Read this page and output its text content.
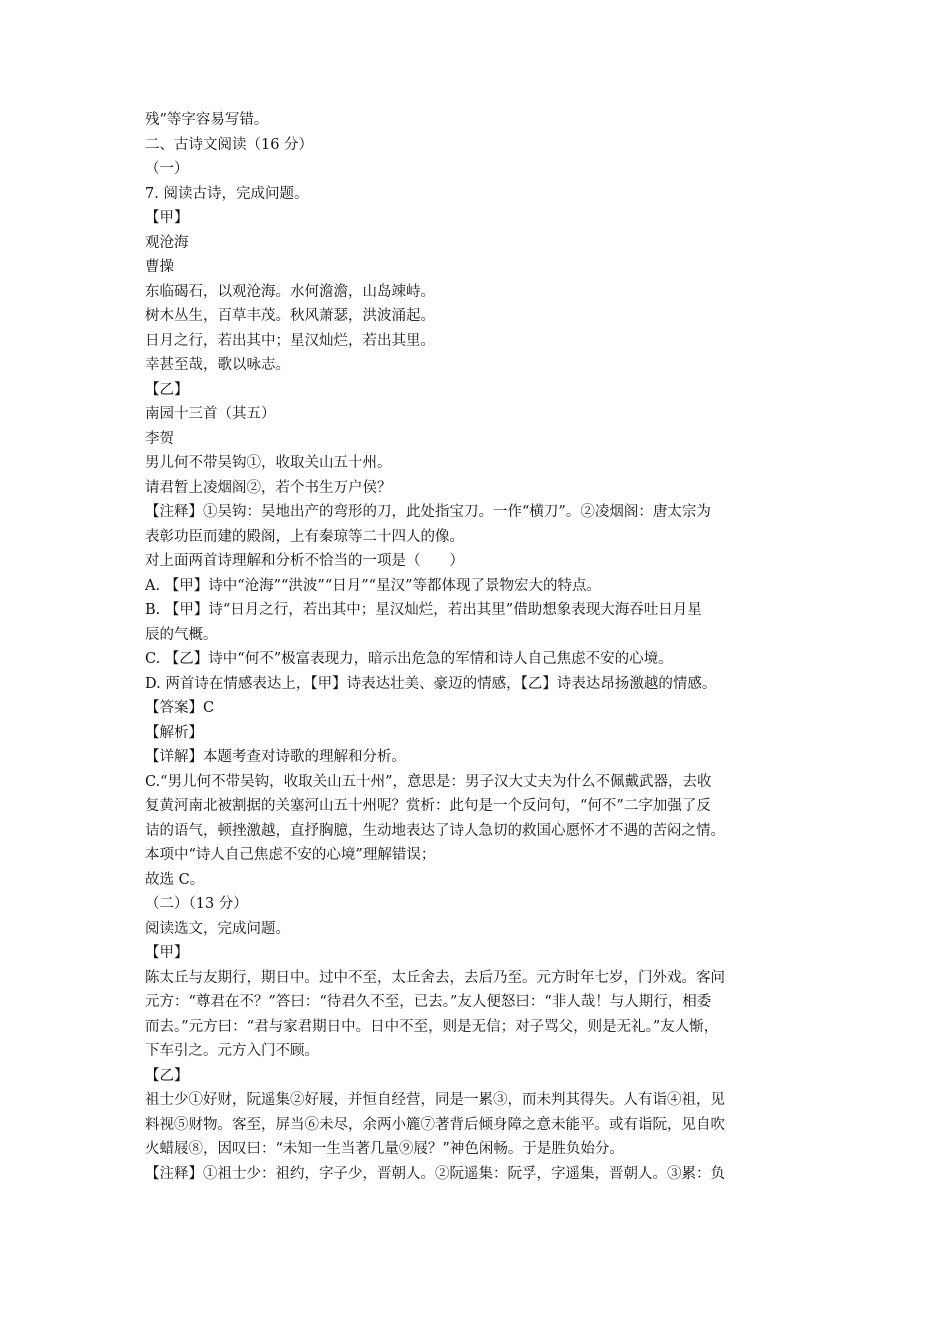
残”等字容易写错。
二、古诗文阅读（16 分）
（一）
7. 阅读古诗，完成问题。
【甲】
观沧海
曹操
东临碣石，以观沧海。水何澹澹，山岛竦峙。
树木丛生，百草丰茂。秋风萧瑟，洪波涌起。
日月之行，若出其中；星汉灿烂，若出其里。
幸甚至哉，歌以咏志。
【乙】
南园十三首（其五）
李贺
男儿何不带吴钩①，收取关山五十州。
请君暂上凌烟阁②，若个书生万户侯？
【注释】①吴钩：吴地出产的弯形的刀，此处指宝刀。一作“横刀”。②凌烟阁：唐太宗为
表彰功臣而建的殿阁，上有秦琼等二十四人的像。
对上面两首诗理解和分析不恰当的一项是（　　）
A. 【甲】诗中“沧海”“洪波”“日月”“星汉”等都体现了景物宏大的特点。
B. 【甲】诗“日月之行，若出其中；星汉灿烂，若出其里”借助想象表现大海吞吐日月星
辰的气概。
C. 【乙】诗中“何不”极富表现力，暗示出危急的军情和诗人自己焦虑不安的心境。
D. 两首诗在情感表达上，【甲】诗表达壮美、豪迈的情感，【乙】诗表达昂扬激越的情感。
【答案】C
【解析】
【详解】本题考查对诗歌的理解和分析。
C.“男儿何不带吴钩，收取关山五十州”，意思是：男子汉大丈夫为什么不佩戴武器，去收
复黄河南北被割据的关塞河山五十州呢？赏析：此句是一个反问句，“何不”二字加强了反
诘的语气，顿挫激越，直抒胸臆，生动地表达了诗人急切的救国心愿怀才不遇的苦闷之情。
本项中“诗人自己焦虑不安的心境”理解错误；
故选 C。
（二）（13 分）
阅读选文，完成问题。
【甲】
陈太丘与友期行，期日中。过中不至，太丘舍去，去后乃至。元方时年七岁，门外戏。客问
元方：“尊君在不？”答曰：“待君久不至，已去。”友人便怒曰：“非人哉！与人期行，相委
而去。”元方曰：“君与家君期日中。日中不至，则是无信；对子骂父，则是无礼。”友人惭，
下车引之。元方入门不顾。
【乙】
祖士少①好财，阮遥集②好屐，并恒自经营，同是一累③，而未判其得失。人有诣④祖，见
料视⑤财物。客至，屏当⑥未尽，余两小簏⑦著背后倾身障之意未能平。或有诣阮，见自吹
火蜡屐⑧，因叹曰：“未知一生当著几量⑨屐？”神色闲畅。于是胜负始分。
【注释】①祖士少：祖约，字子少，晋朝人。②阮遥集：阮孚，字遥集，晋朝人。③累：负
